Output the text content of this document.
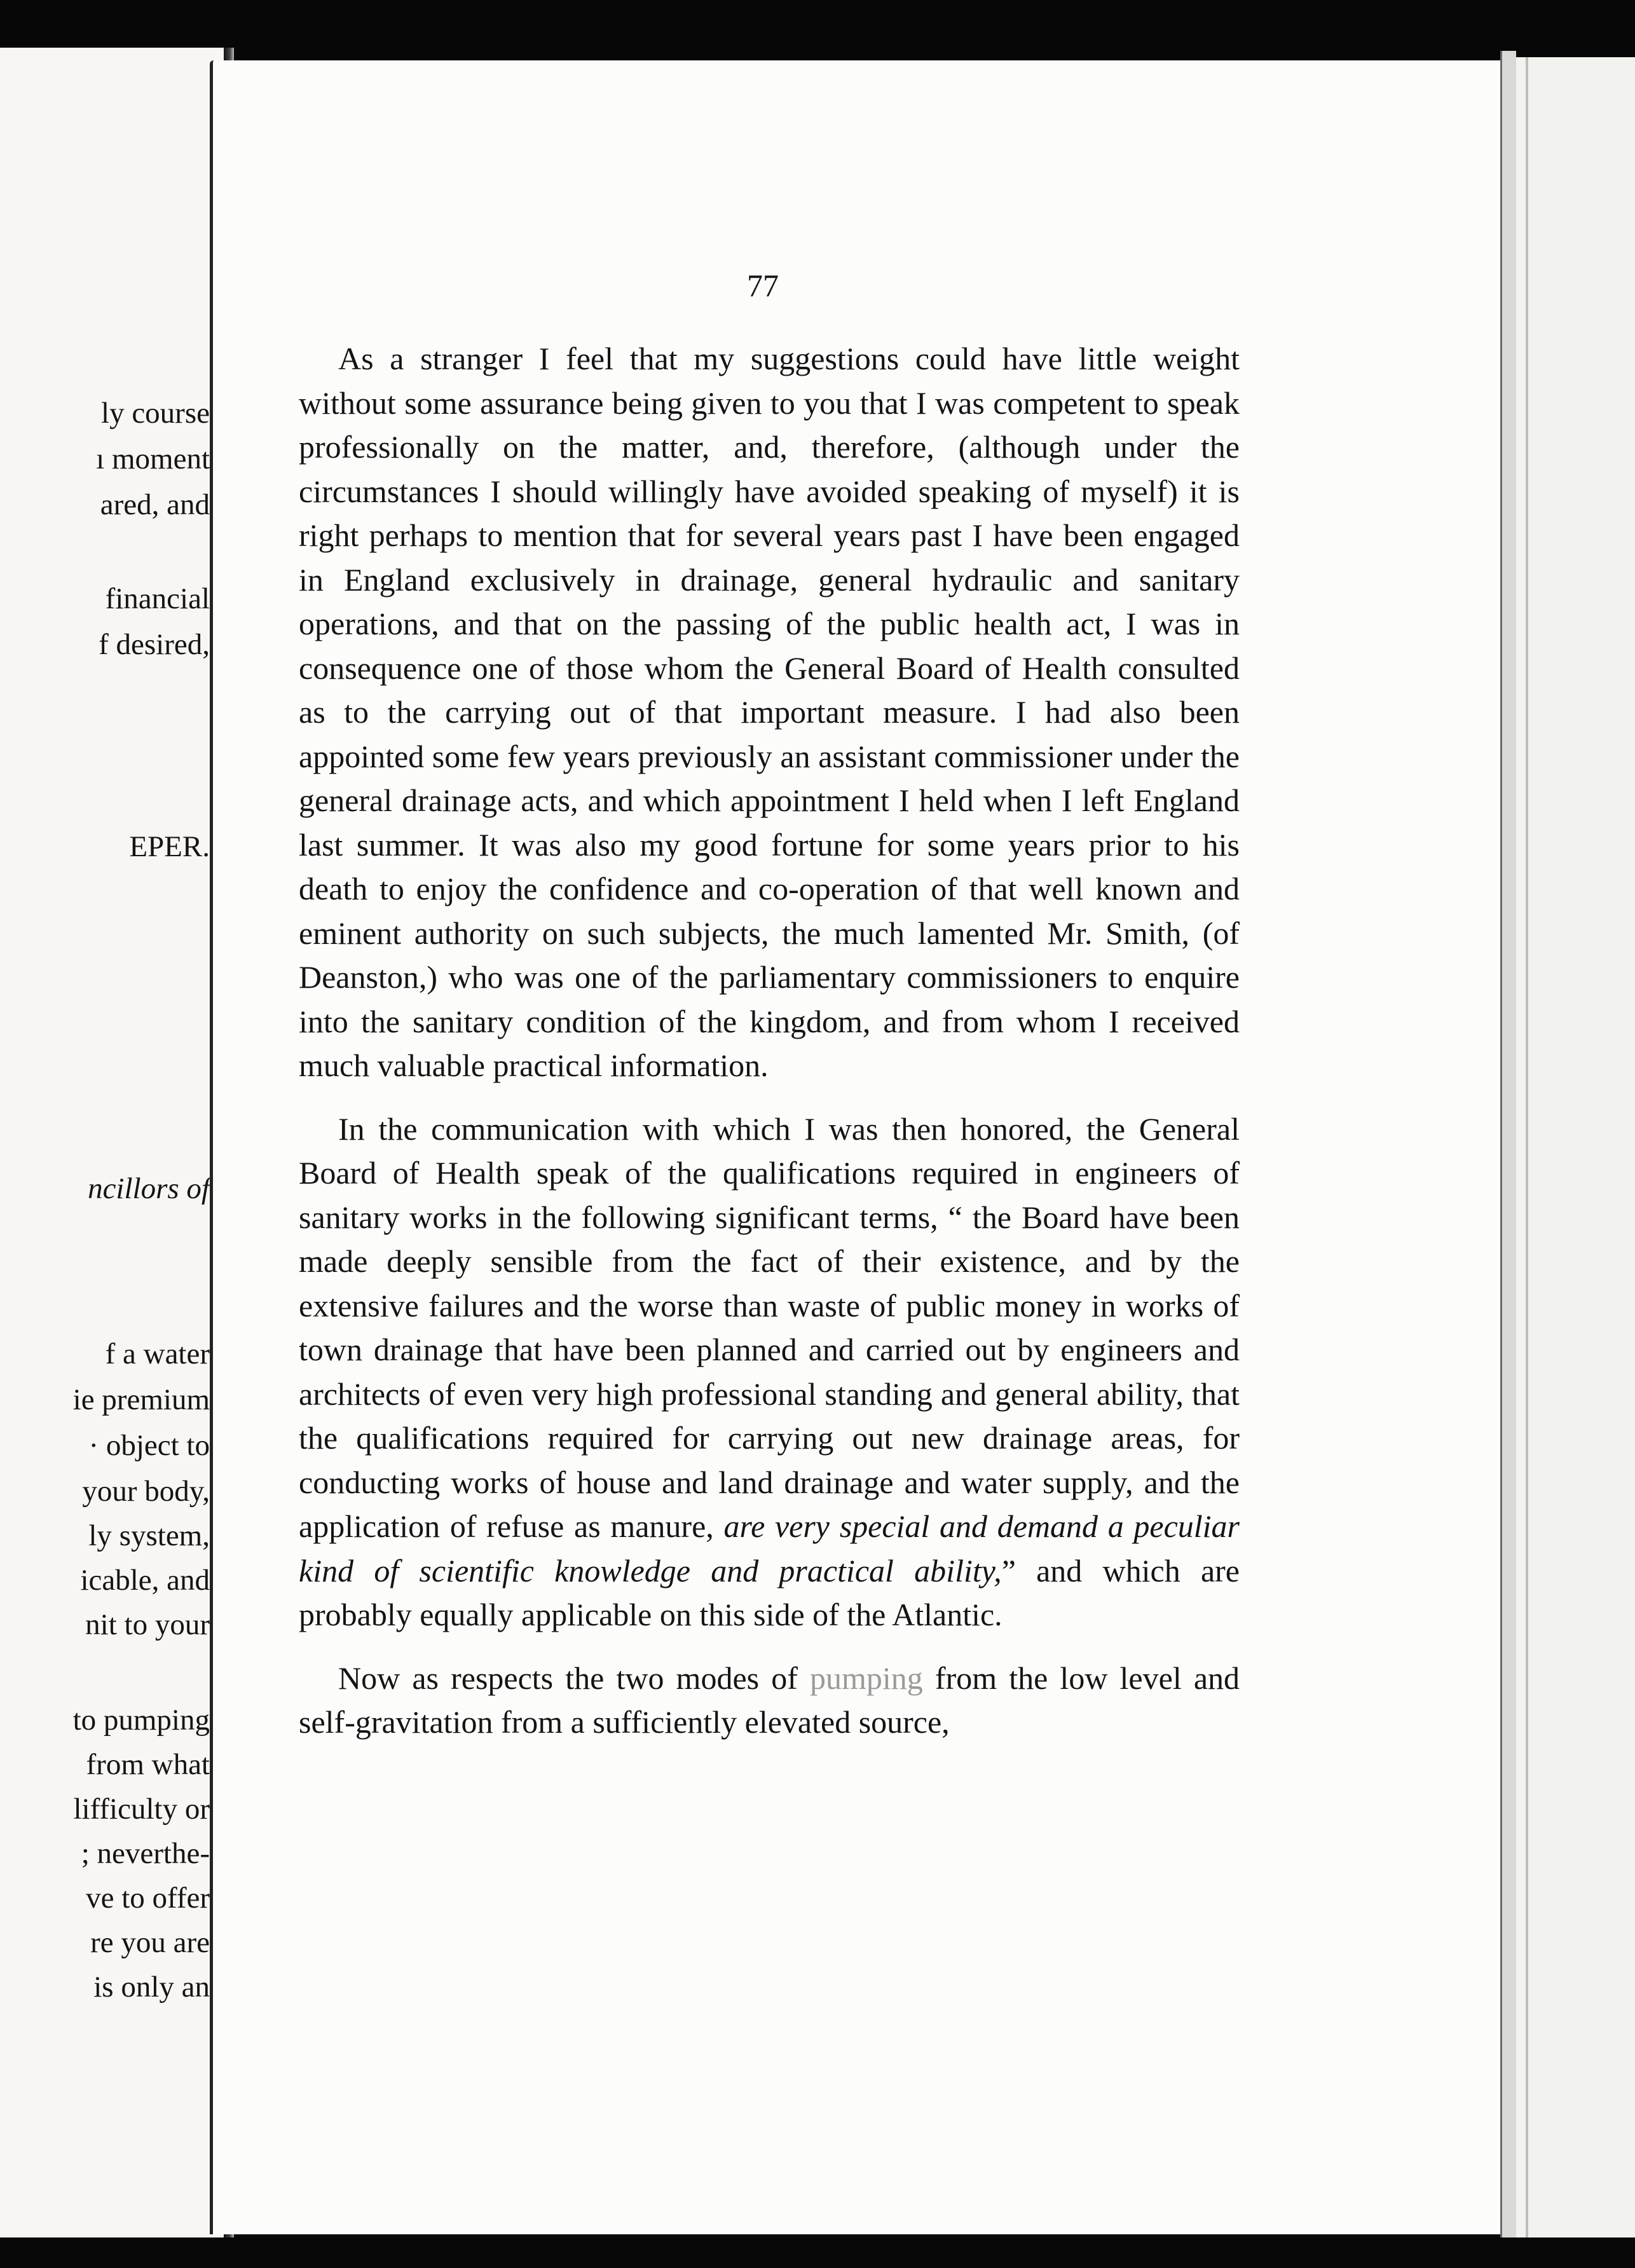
ly course
ı moment
ared, and
financial
f desired,
EPER.
ncillors of
f a water
ie premium
· object to
your body,
ly system,
icable, and
nit to your
to pumping
from what
lifficulty or
; neverthe-
ve to offer
re you are
is only an
77

As a stranger I feel that my suggestions could have little weight without some assurance being given to you that I was competent to speak professionally on the matter, and, therefore, (although under the circumstances I should willingly have avoided speaking of myself) it is right perhaps to mention that for several years past I have been engaged in England exclusively in drainage, general hydraulic and sanitary operations, and that on the passing of the public health act, I was in consequence one of those whom the General Board of Health consulted as to the carrying out of that important measure. I had also been appointed some few years previously an assistant commissioner under the general drainage acts, and which appointment I held when I left England last summer. It was also my good fortune for some years prior to his death to enjoy the confidence and co-operation of that well known and eminent authority on such subjects, the much lamented Mr. Smith, (of Deanston,) who was one of the parliamentary commissioners to enquire into the sanitary condition of the kingdom, and from whom I received much valuable practical information.

In the communication with which I was then honored, the General Board of Health speak of the qualifications required in engineers of sanitary works in the following significant terms, “ the Board have been made deeply sensible from the fact of their existence, and by the extensive failures and the worse than waste of public money in works of town drainage that have been planned and carried out by engineers and architects of even very high professional standing and general ability, that the qualifications required for carrying out new drainage areas, for conducting works of house and land drainage and water supply, and the application of refuse as manure, are very special and demand a peculiar kind of scientific knowledge and practical ability,” and which are probably equally applicable on this side of the Atlantic.

Now as respects the two modes of pumping from the low level and self-gravitation from a sufficiently elevated source,
